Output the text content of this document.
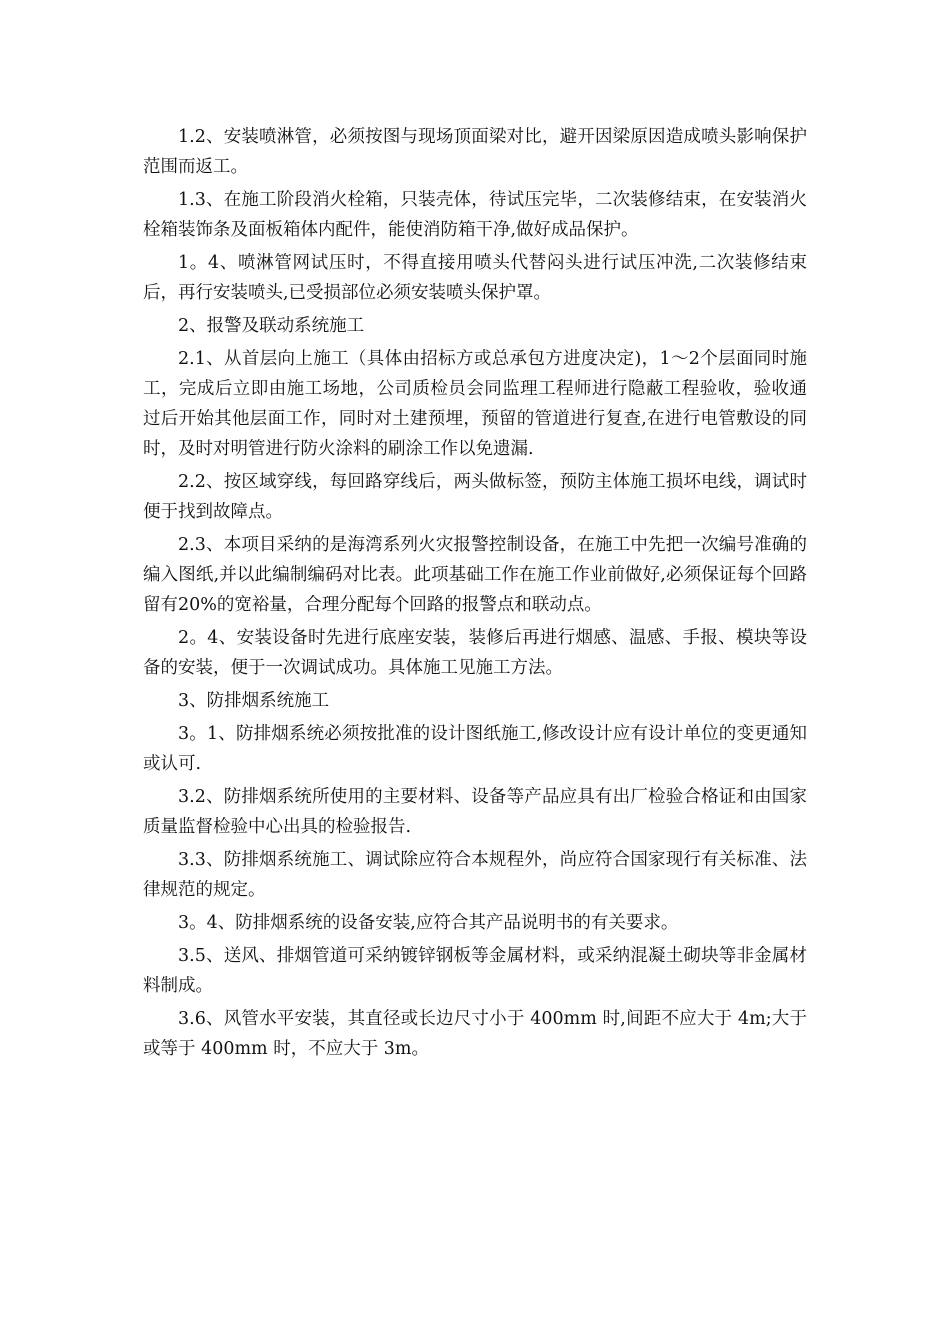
1.2、安装喷淋管，必须按图与现场顶面梁对比，避开因梁原因造成喷头影响保护范围而返工。

1.3、在施工阶段消火栓箱，只装壳体，待试压完毕，二次装修结束，在安装消火栓箱装饰条及面板箱体内配件，能使消防箱干净,做好成品保护。

1。4、喷淋管网试压时，不得直接用喷头代替闷头进行试压冲洗,二次装修结束后，再行安装喷头,已受损部位必须安装喷头保护罩。

2、报警及联动系统施工

2.1、从首层向上施工（具体由招标方或总承包方进度决定)，1～2个层面同时施工，完成后立即由施工场地，公司质检员会同监理工程师进行隐蔽工程验收，验收通过后开始其他层面工作，同时对土建预埋，预留的管道进行复查,在进行电管敷设的同时，及时对明管进行防火涂料的刷涂工作以免遗漏.

2.2、按区域穿线，每回路穿线后，两头做标签，预防主体施工损坏电线，调试时便于找到故障点。

2.3、本项目采纳的是海湾系列火灾报警控制设备，在施工中先把一次编号准确的编入图纸,并以此编制编码对比表。此项基础工作在施工作业前做好,必须保证每个回路留有20%的宽裕量，合理分配每个回路的报警点和联动点。

2。4、安装设备时先进行底座安装，装修后再进行烟感、温感、手报、模块等设备的安装，便于一次调试成功。具体施工见施工方法。

3、防排烟系统施工

3。1、防排烟系统必须按批准的设计图纸施工,修改设计应有设计单位的变更通知或认可.

3.2、防排烟系统所使用的主要材料、设备等产品应具有出厂检验合格证和由国家质量监督检验中心出具的检验报告.

3.3、防排烟系统施工、调试除应符合本规程外，尚应符合国家现行有关标准、法律规范的规定。

3。4、防排烟系统的设备安装,应符合其产品说明书的有关要求。

3.5、送风、排烟管道可采纳镀锌钢板等金属材料，或采纳混凝土砌块等非金属材料制成。

3.6、风管水平安装，其直径或长边尺寸小于 400mm 时,间距不应大于 4m;大于或等于 400mm 时，不应大于 3m。
